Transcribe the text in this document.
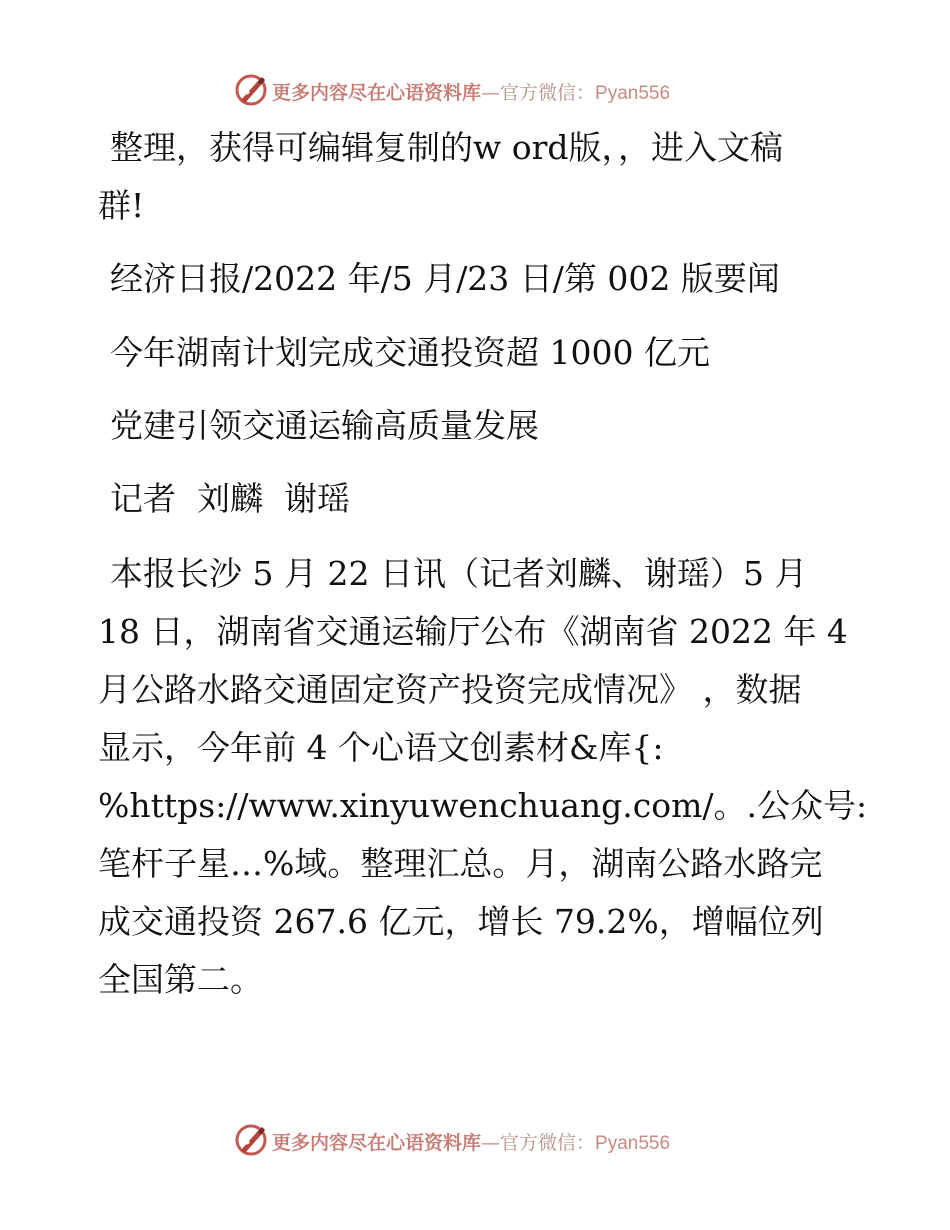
更多内容尽在心语资料库—官方微信：Pyan556
整理，获得可编辑复制的w ord版，，进入文稿
群!
经济日报/2022 年/5 月/23 日/第 002 版要闻
今年湖南计划完成交通投资超 1000 亿元
党建引领交通运输高质量发展
记者  刘麟  谢瑶
本报长沙 5 月 22 日讯（记者刘麟、谢瑶）5 月
18 日，湖南省交通运输厅公布《湖南省 2022 年 4
月公路水路交通固定资产投资完成情况》 ，数据
显示，今年前 4 个心语文创素材&库{:
%https://www.xinyuwenchuang.com/。.公众号:
笔杆子星…%域。整理汇总。月，湖南公路水路完
成交通投资 267.6 亿元，增长 79.2%，增幅位列
全国第二。
更多内容尽在心语资料库—官方微信：Pyan556
